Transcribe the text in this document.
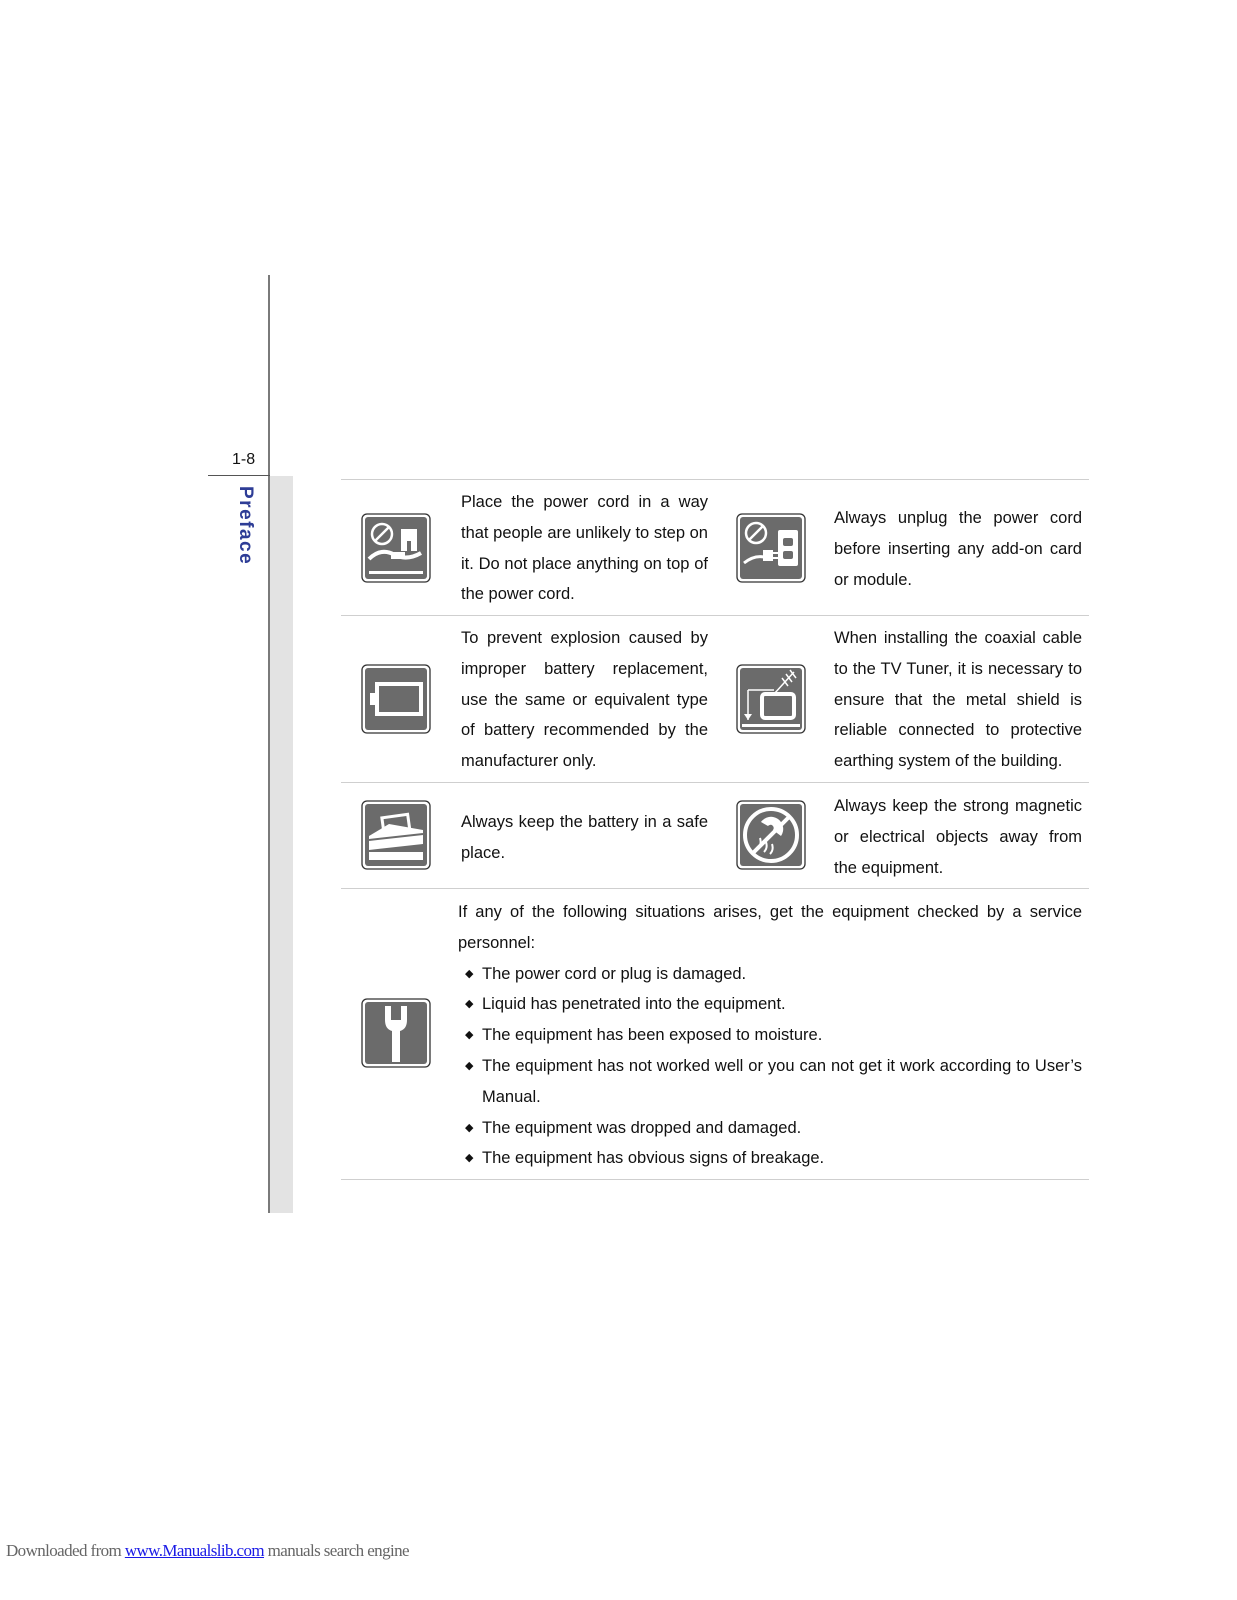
1-8
Preface	Place the power cord in a way that people are unlikely to step on it. Do not place anything on top of the power cord.

Always unplug the power cord before inserting any add-on card or module.

To prevent explosion caused by improper battery replacement, use the same or equivalent type of battery recommended by the manufacturer only.

When installing the coaxial cable to the TV Tuner, it is necessary to ensure that the metal shield is reliable connected to protective earthing system of the building.

Always keep the battery in a safe place.

Always keep the strong magnetic or electrical objects away from the equipment.

If any of the following situations arises, get the equipment checked by a service personnel:

◆ The power cord or plug is damaged.
◆ Liquid has penetrated into the equipment.
◆ The equipment has been exposed to moisture.
◆ The equipment has not worked well or you can not get it work according to User’s Manual.
◆ The equipment was dropped and damaged.
◆ The equipment has obvious signs of breakage.
Downloaded from www.Manualslib.com manuals search engine
